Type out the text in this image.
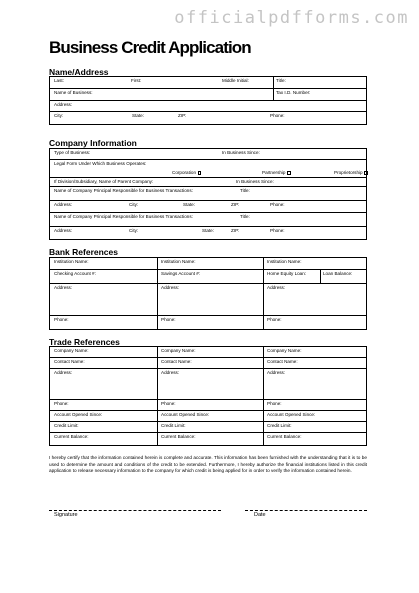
officialpdfforms.com
Business Credit Application
Name/Address
Last:	First:	Middle Initial:	Title:
Name of Business:	Tax I.D. Number:
Address:
City:	State:	ZIP:	Phone:
Company Information
Type of Business:	In Business Since:
Legal Form Under Which Business Operates:
Corporation	Partnership	Proprietorship
If Division/Subsidiary, Name of Parent Company:	In Business Since:
Name of Company Principal Responsible for Business Transactions:	Title:
Address:	City:	State:	ZIP:	Phone:
Name of Company Principal Responsible for Business Transactions:	Title:
Address:	City:	State:	ZIP:	Phone:
Bank References
Institution Name:	Institution Name:	Institution Name:
Checking Account #:	Savings Account #:	Home Equity Loan:	Loan Balance:
Address:	Address:	Address:
Phone:	Phone:	Phone:
Trade References
Company Name:	Company Name:	Company Name:
Contact Name:	Contact Name:	Contact Name:
Address:	Address:	Address:
Phone:	Phone:	Phone:
Account Opened Since:	Account Opened Since:	Account Opened Since:
Credit Limit:	Credit Limit:	Credit Limit:
Current Balance:	Current Balance:	Current Balance:
I hereby certify that the information contained herein is complete and accurate. This information has been furnished with the understanding that it is to be used to determine the amount and conditions of the credit to be extended. Furthermore, I hereby authorize the financial institutions listed in this credit application to release necessary information to the company for which credit is being applied for in order to verify the information contained herein.
Signature	Date
